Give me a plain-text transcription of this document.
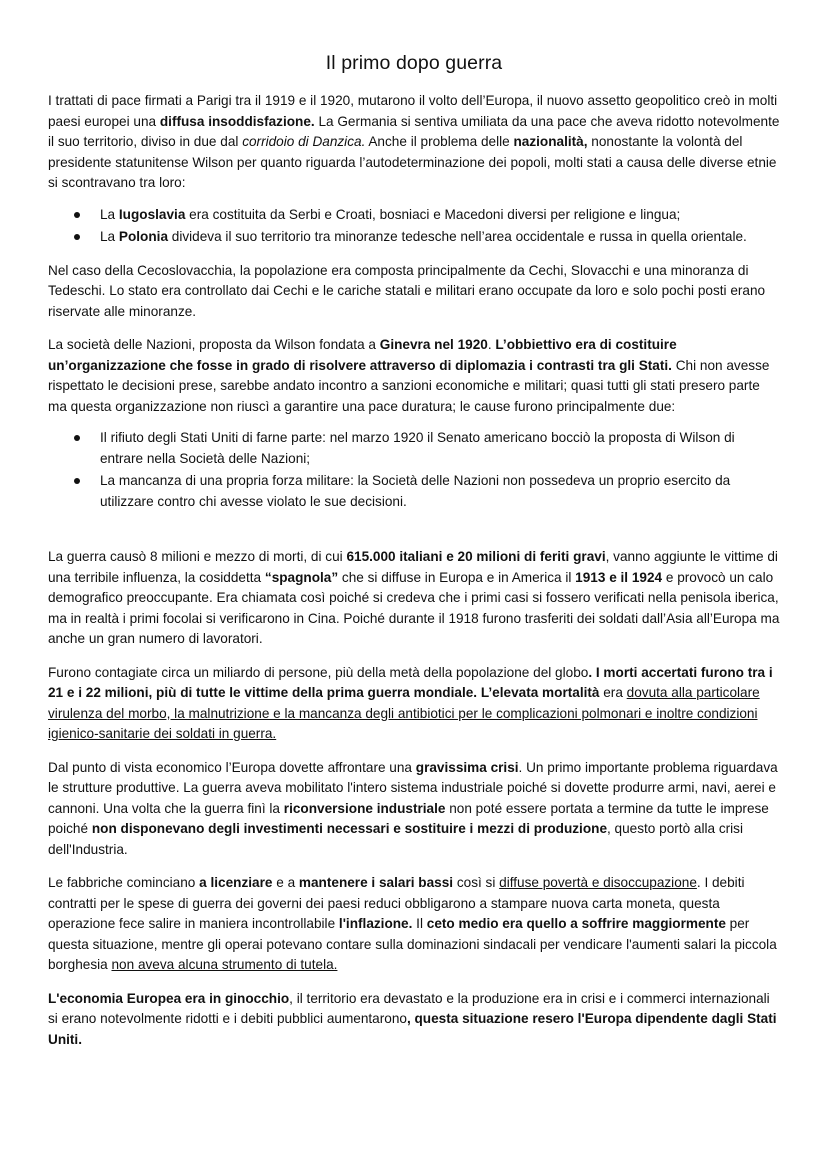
Il primo dopo guerra

I trattati di pace firmati a Parigi tra il 1919 e il 1920, mutarono il volto dell’Europa, il nuovo assetto geopolitico creò in molti paesi europei una diffusa insoddisfazione. La Germania si sentiva umiliata da una pace che aveva ridotto notevolmente il suo territorio, diviso in due dal corridoio di Danzica. Anche il problema delle nazionalità, nonostante la volontà del presidente statunitense Wilson per quanto riguarda l’autodeterminazione dei popoli, molti stati a causa delle diverse etnie si scontravano tra loro:

La Iugoslavia era costituita da Serbi e Croati, bosniaci e Macedoni diversi per religione e lingua;
La Polonia divideva il suo territorio tra minoranze tedesche nell’area occidentale e russa in quella orientale.

Nel caso della Cecoslovacchia, la popolazione era composta principalmente da Cechi, Slovacchi e una minoranza di Tedeschi. Lo stato era controllato dai Cechi e le cariche statali e militari erano occupate da loro e solo pochi posti erano riservate alle minoranze.

La società delle Nazioni, proposta da Wilson fondata a Ginevra nel 1920. L’obbiettivo era di costituire un’organizzazione che fosse in grado di risolvere attraverso di diplomazia i contrasti tra gli Stati. Chi non avesse rispettato le decisioni prese, sarebbe andato incontro a sanzioni economiche e militari; quasi tutti gli stati presero parte ma questa organizzazione non riuscì a garantire una pace duratura; le cause furono principalmente due:

Il rifiuto degli Stati Uniti di farne parte: nel marzo 1920 il Senato americano bocciò la proposta di Wilson di entrare nella Società delle Nazioni;
La mancanza di una propria forza militare: la Società delle Nazioni non possedeva un proprio esercito da utilizzare contro chi avesse violato le sue decisioni.

La guerra causò 8 milioni e mezzo di morti, di cui 615.000 italiani e 20 milioni di feriti gravi, vanno aggiunte le vittime di una terribile influenza, la cosiddetta “spagnola” che si diffuse in Europa e in America il 1913 e il 1924 e provocò un calo demografico preoccupante. Era chiamata così poiché si credeva che i primi casi si fossero verificati nella penisola iberica, ma in realtà i primi focolai si verificarono in Cina. Poiché durante il 1918 furono trasferiti dei soldati dall’Asia all’Europa ma anche un gran numero di lavoratori.

Furono contagiate circa un miliardo di persone, più della metà della popolazione del globo. I morti accertati furono tra i 21 e i 22 milioni, più di tutte le vittime della prima guerra mondiale. L’elevata mortalità era dovuta alla particolare virulenza del morbo, la malnutrizione e la mancanza degli antibiotici per le complicazioni polmonari e inoltre condizioni igienico-sanitarie dei soldati in guerra.

Dal punto di vista economico l’Europa dovette affrontare una gravissima crisi. Un primo importante problema riguardava le strutture produttive. La guerra aveva mobilitato l'intero sistema industriale poiché si dovette produrre armi, navi, aerei e cannoni. Una volta che la guerra finì la riconversione industriale non poté essere portata a termine da tutte le imprese poiché non disponevano degli investimenti necessari e sostituire i mezzi di produzione, questo portò alla crisi dell'Industria.

Le fabbriche cominciano a licenziare e a mantenere i salari bassi così si diffuse povertà e disoccupazione. I debiti contratti per le spese di guerra dei governi dei paesi reduci obbligarono a stampare nuova carta moneta, questa operazione fece salire in maniera incontrollabile l'inflazione. Il ceto medio era quello a soffrire maggiormente per questa situazione, mentre gli operai potevano contare sulla dominazioni sindacali per vendicare l'aumenti salari la piccola borghesia non aveva alcuna strumento di tutela.

L'economia Europea era in ginocchio, il territorio era devastato e la produzione era in crisi e i commerci internazionali si erano notevolmente ridotti e i debiti pubblici aumentarono, questa situazione resero l'Europa dipendente dagli Stati Uniti.
